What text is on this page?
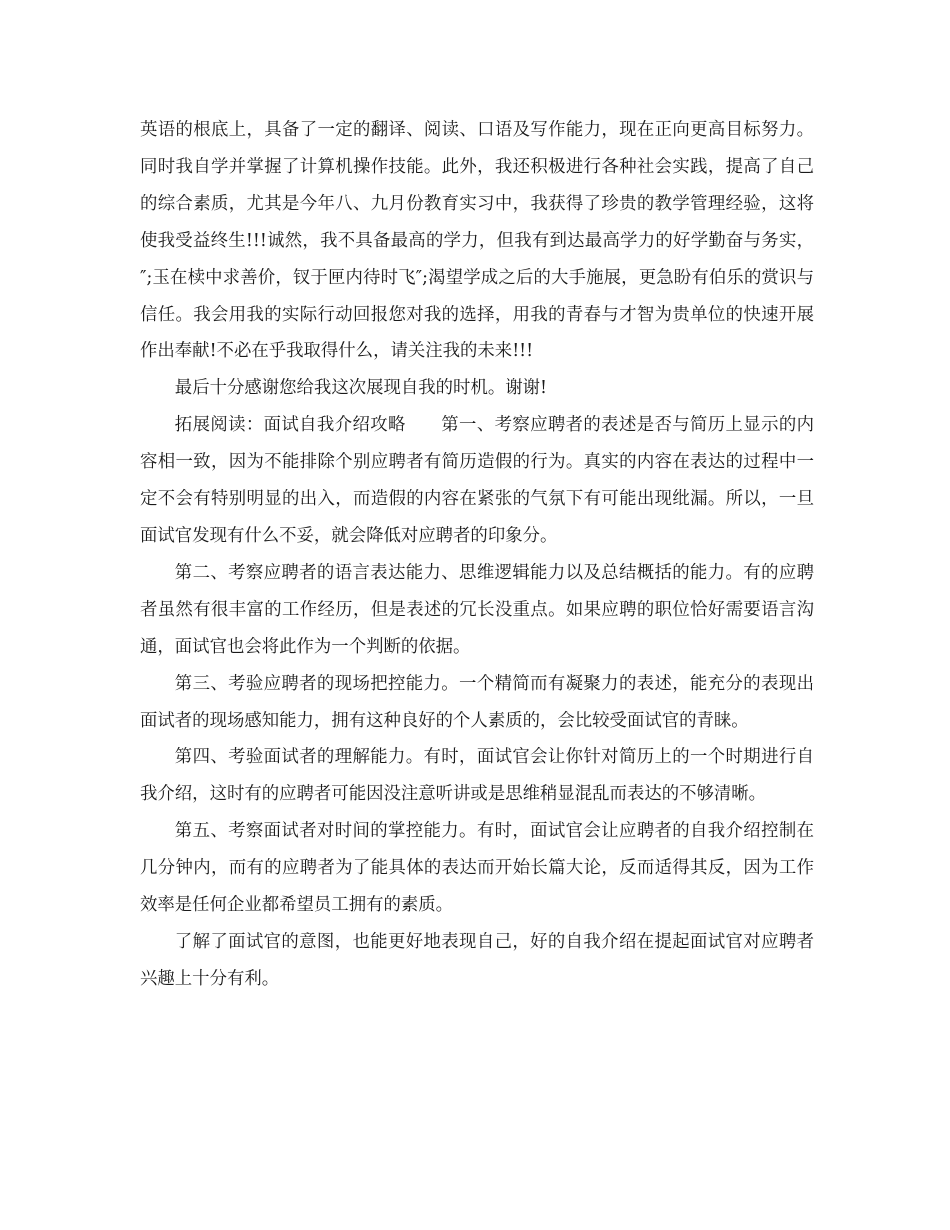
英语的根底上，具备了一定的翻译、阅读、口语及写作能力，现在正向更高目标努力。同时我自学并掌握了计算机操作技能。此外，我还积极进行各种社会实践，提高了自己的综合素质，尤其是今年八、九月份教育实习中，我获得了珍贵的教学管理经验，这将使我受益终生!!!诚然，我不具备最高的学力，但我有到达最高学力的好学勤奋与务实，″;玉在椟中求善价，钗于匣内待时飞″;渴望学成之后的大手施展，更急盼有伯乐的赏识与信任。我会用我的实际行动回报您对我的选择，用我的青春与才智为贵单位的快速开展作出奉献!不必在乎我取得什么，请关注我的未来!!!

最后十分感谢您给我这次展现自我的时机。谢谢!

拓展阅读：面试自我介绍攻略　　第一、考察应聘者的表述是否与简历上显示的内容相一致，因为不能排除个别应聘者有简历造假的行为。真实的内容在表达的过程中一定不会有特别明显的出入，而造假的内容在紧张的气氛下有可能出现纰漏。所以，一旦面试官发现有什么不妥，就会降低对应聘者的印象分。

第二、考察应聘者的语言表达能力、思维逻辑能力以及总结概括的能力。有的应聘者虽然有很丰富的工作经历，但是表述的冗长没重点。如果应聘的职位恰好需要语言沟通，面试官也会将此作为一个判断的依据。

第三、考验应聘者的现场把控能力。一个精简而有凝聚力的表述，能充分的表现出面试者的现场感知能力，拥有这种良好的个人素质的，会比较受面试官的青睐。

第四、考验面试者的理解能力。有时，面试官会让你针对简历上的一个时期进行自我介绍，这时有的应聘者可能因没注意听讲或是思维稍显混乱而表达的不够清晰。

第五、考察面试者对时间的掌控能力。有时，面试官会让应聘者的自我介绍控制在几分钟内，而有的应聘者为了能具体的表达而开始长篇大论，反而适得其反，因为工作效率是任何企业都希望员工拥有的素质。

了解了面试官的意图，也能更好地表现自己，好的自我介绍在提起面试官对应聘者兴趣上十分有利。
